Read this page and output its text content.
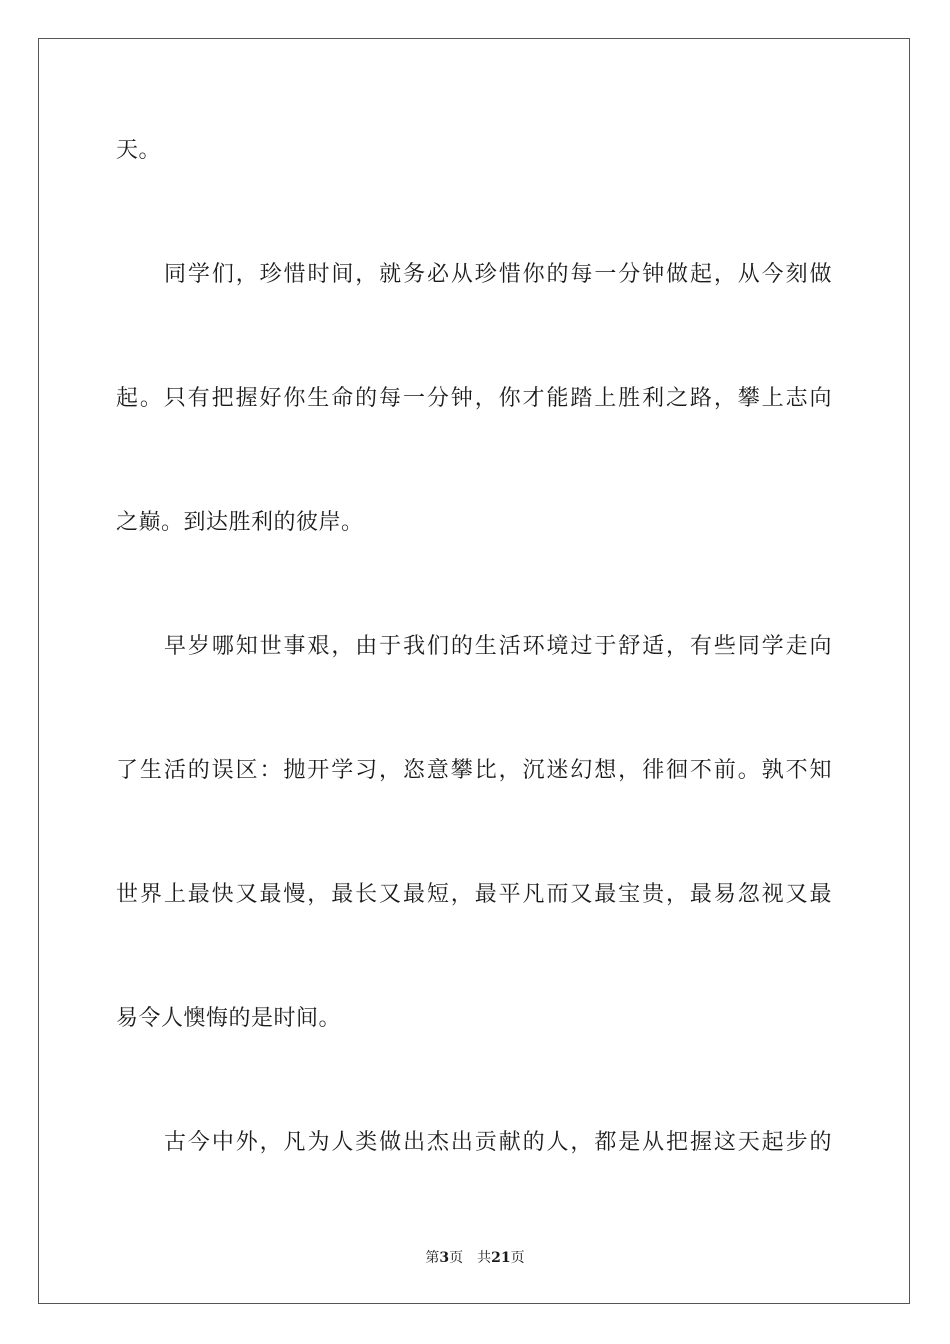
天。
同学们，珍惜时间，就务必从珍惜你的每一分钟做起，从今刻做
起。只有把握好你生命的每一分钟，你才能踏上胜利之路，攀上志向
之巅。到达胜利的彼岸。
早岁哪知世事艰，由于我们的生活环境过于舒适，有些同学走向
了生活的误区：抛开学习，恣意攀比，沉迷幻想，徘徊不前。孰不知
世界上最快又最慢，最长又最短，最平凡而又最宝贵，最易忽视又最
易令人懊悔的是时间。
古今中外，凡为人类做出杰出贡献的人，都是从把握这天起步的
第3页 共21页
